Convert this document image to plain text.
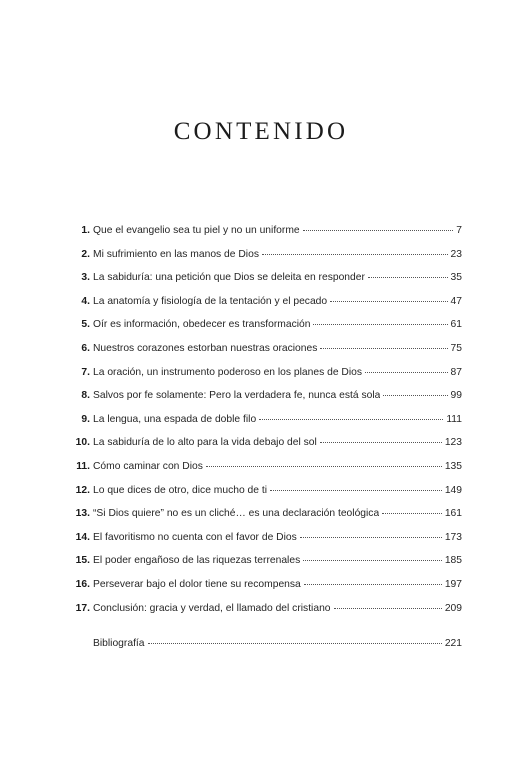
CONTENIDO
1. Que el evangelio sea tu piel y no un uniforme	7
2. Mi sufrimiento en las manos de Dios	23
3. La sabiduría: una petición que Dios se deleita en responder	35
4. La anatomía y fisiología de la tentación y el pecado	47
5. Oír es información, obedecer es transformación	61
6. Nuestros corazones estorban nuestras oraciones	75
7. La oración, un instrumento poderoso en los planes de Dios	87
8. Salvos por fe solamente: Pero la verdadera fe, nunca está sola	99
9. La lengua, una espada de doble filo	111
10. La sabiduría de lo alto para la vida debajo del sol	123
11. Cómo caminar con Dios	135
12. Lo que dices de otro, dice mucho de ti	149
13. “Si Dios quiere” no es un cliché… es una declaración teológica	161
14. El favoritismo no cuenta con el favor de Dios	173
15. El poder engañoso de las riquezas terrenales	185
16. Perseverar bajo el dolor tiene su recompensa	197
17. Conclusión: gracia y verdad, el llamado del cristiano	209
Bibliografía	221
